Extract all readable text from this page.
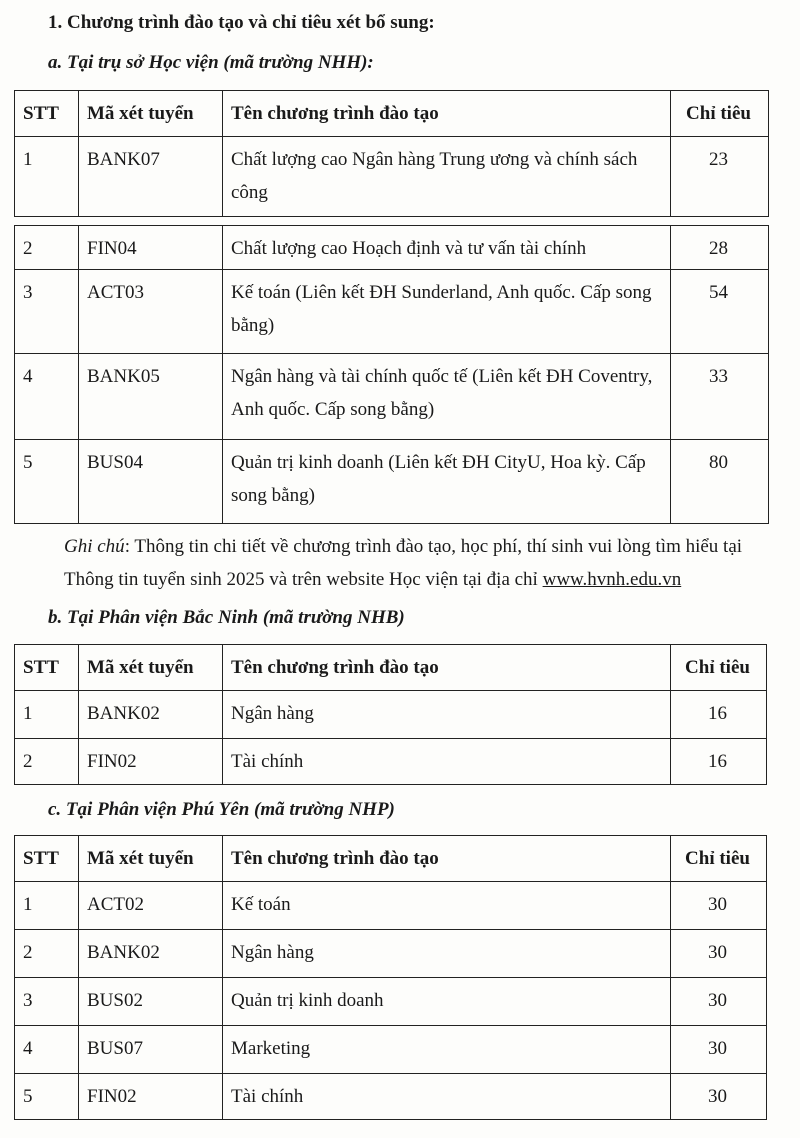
1. Chương trình đào tạo và chỉ tiêu xét bổ sung:
a. Tại trụ sở Học viện (mã trường NHH):
STT	Mã xét tuyển	Tên chương trình đào tạo	Chỉ tiêu
1	BANK07	Chất lượng cao Ngân hàng Trung ương và chính sách công	23
2	FIN04	Chất lượng cao Hoạch định và tư vấn tài chính	28
3	ACT03	Kế toán (Liên kết ĐH Sunderland, Anh quốc. Cấp song bằng)	54
4	BANK05	Ngân hàng và tài chính quốc tế (Liên kết ĐH Coventry, Anh quốc. Cấp song bằng)	33
5	BUS04	Quản trị kinh doanh (Liên kết ĐH CityU, Hoa kỳ. Cấp song bằng)	80

Ghi chú: Thông tin chi tiết về chương trình đào tạo, học phí, thí sinh vui lòng tìm hiểu tại Thông tin tuyển sinh 2025 và trên website Học viện tại địa chỉ www.hvnh.edu.vn

b. Tại Phân viện Bắc Ninh (mã trường NHB)
STT	Mã xét tuyển	Tên chương trình đào tạo	Chỉ tiêu
1	BANK02	Ngân hàng	16
2	FIN02	Tài chính	16
c. Tại Phân viện Phú Yên (mã trường NHP)
STT	Mã xét tuyển	Tên chương trình đào tạo	Chỉ tiêu
1	ACT02	Kế toán	30
2	BANK02	Ngân hàng	30
3	BUS02	Quản trị kinh doanh	30
4	BUS07	Marketing	30
5	FIN02	Tài chính	30
